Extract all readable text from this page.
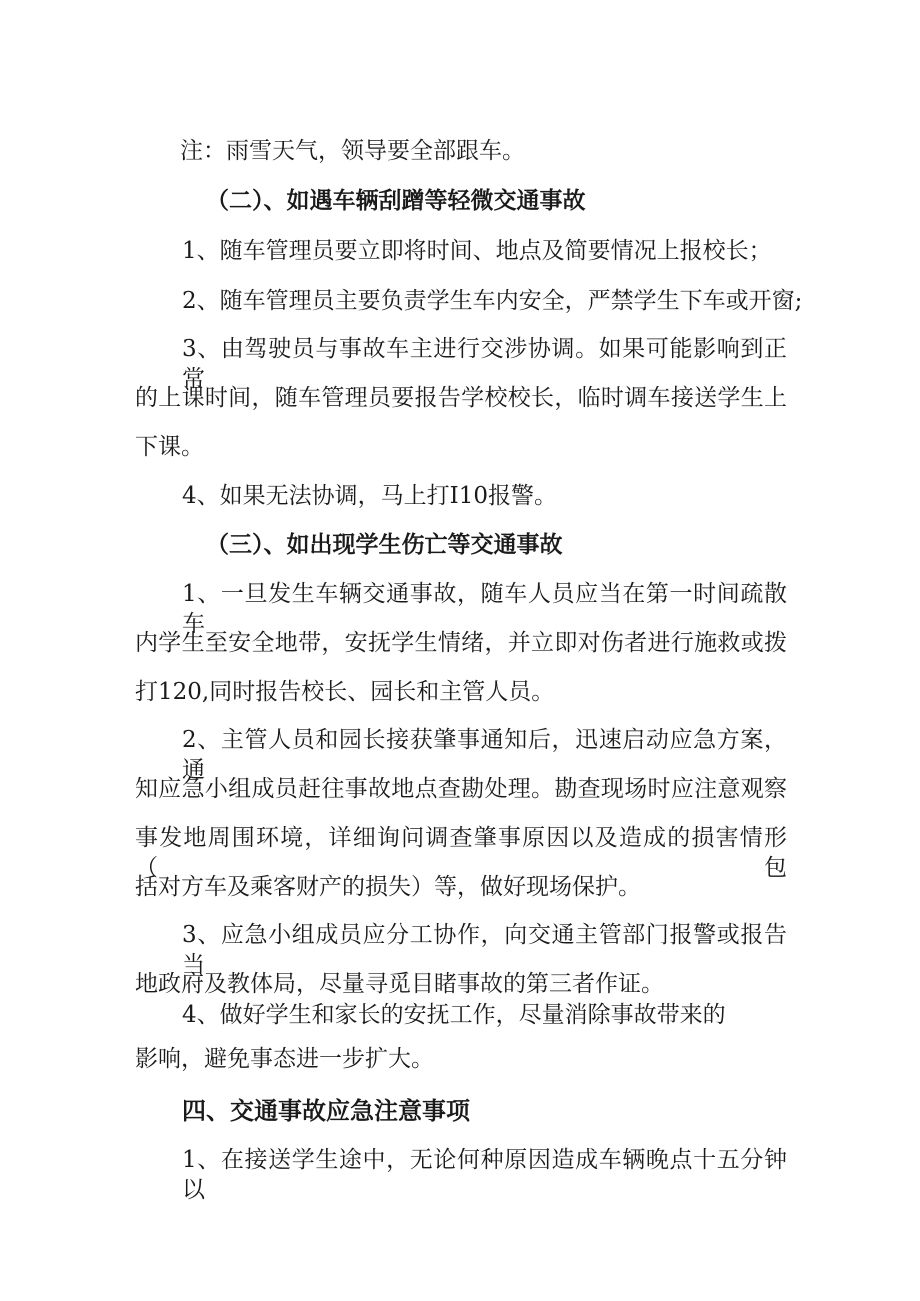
注：雨雪天气，领导要全部跟车。
（二）、如遇车辆刮蹭等轻微交通事故
1、随车管理员要立即将时间、地点及简要情况上报校长；
2、随车管理员主要负责学生车内安全，严禁学生下车或开窗;
3、由驾驶员与事故车主进行交涉协调。如果可能影响到正常
的上课时间，随车管理员要报告学校校长，临时调车接送学生上
下课。
4、如果无法协调，马上打I10报警。
（三）、如出现学生伤亡等交通事故
1、一旦发生车辆交通事故，随车人员应当在第一时间疏散车
内学生至安全地带，安抚学生情绪，并立即对伤者进行施救或拨
打120,同时报告校长、园长和主管人员。
2、主管人员和园长接获肇事通知后，迅速启动应急方案，通
知应急小组成员赶往事故地点查勘处理。勘查现场时应注意观察
事发地周围环境，详细询问调查肇事原因以及造成的损害情形（包
括对方车及乘客财产的损失）等，做好现场保护。
3、应急小组成员应分工协作，向交通主管部门报警或报告当
地政府及教体局，尽量寻觅目睹事故的第三者作证。
4、做好学生和家长的安抚工作，尽量消除事故带来的
影响，避免事态进一步扩大。
四、交通事故应急注意事项
1、在接送学生途中，无论何种原因造成车辆晚点十五分钟以
